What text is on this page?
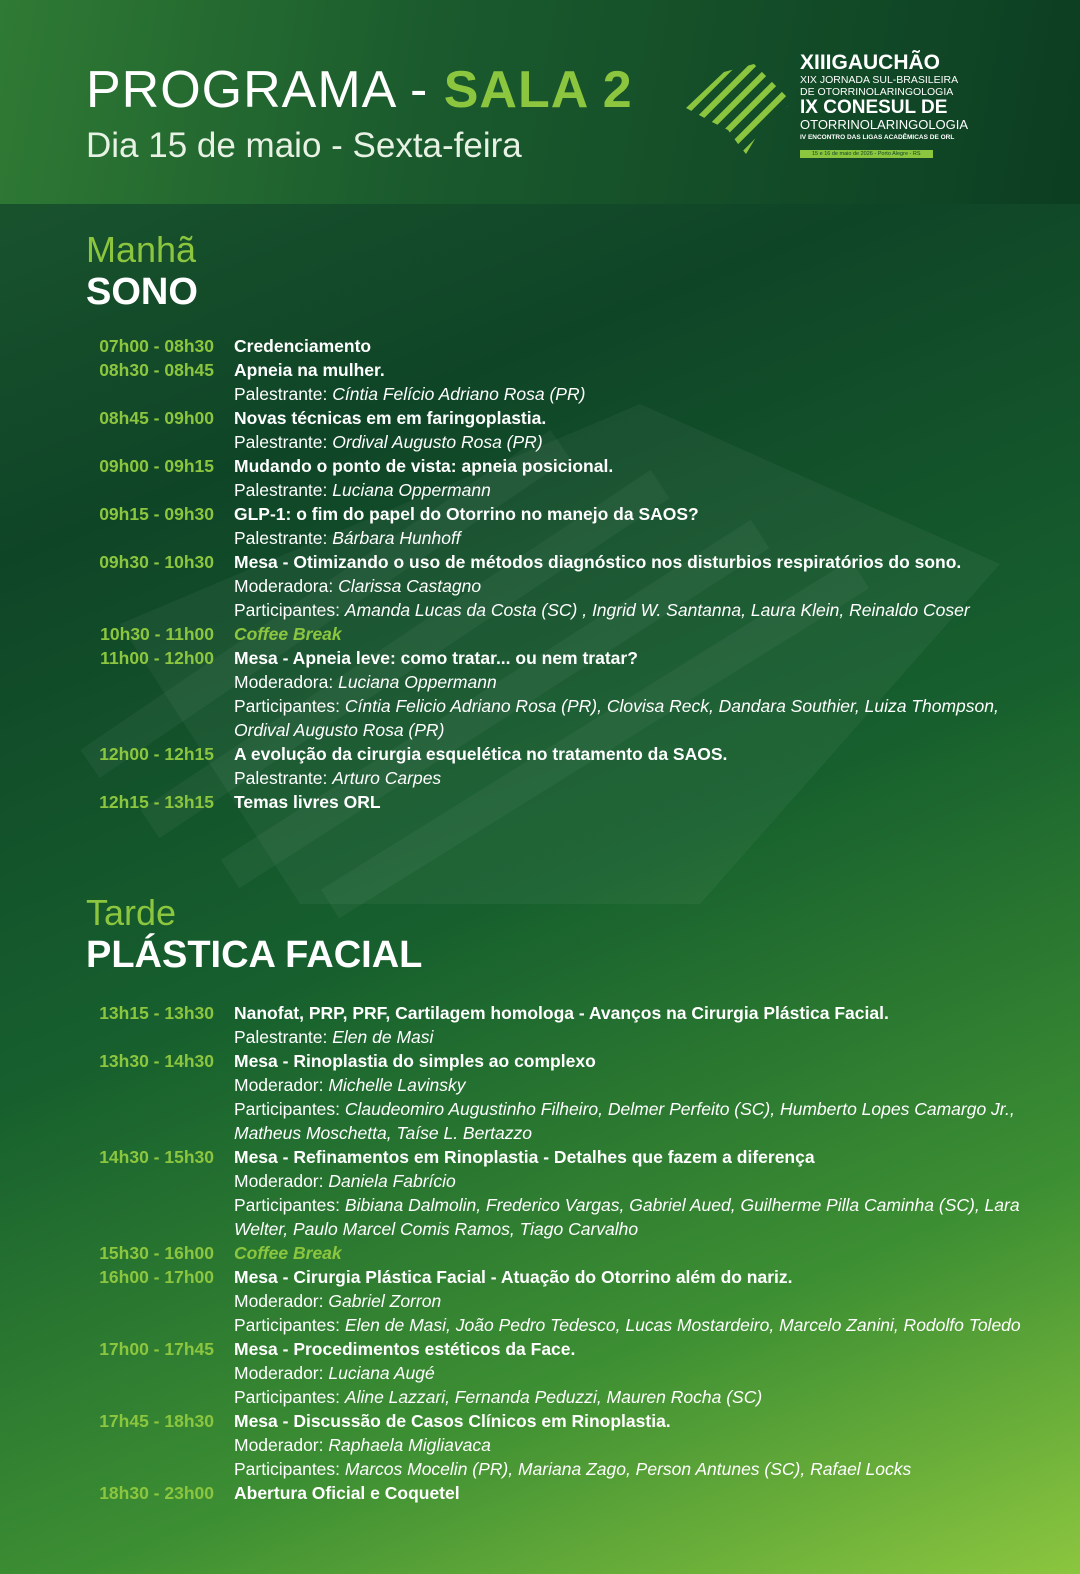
PROGRAMA - SALA 2
Dia 15 de maio - Sexta-feira
XIIIGAUCHÃO
XIX JORNADA SUL-BRASILEIRA
DE OTORRINOLARINGOLOGIA
IX CONESUL DE
OTORRINOLARINGOLOGIA
IV ENCONTRO DAS LIGAS ACADÊMICAS DE ORL
15 e 16 de maio de 2026 - Porto Alegre - RS
Manhã
SONO
07h00 - 08h30 Credenciamento
08h30 - 08h45 Apneia na mulher.
Palestrante: Cíntia Felício Adriano Rosa (PR)
08h45 - 09h00 Novas técnicas em em faringoplastia.
Palestrante: Ordival Augusto Rosa (PR)
09h00 - 09h15 Mudando o ponto de vista: apneia posicional.
Palestrante: Luciana Oppermann
09h15 - 09h30 GLP-1: o fim do papel do Otorrino no manejo da SAOS?
Palestrante: Bárbara Hunhoff
09h30 - 10h30 Mesa - Otimizando o uso de métodos diagnóstico nos disturbios respiratórios do sono.
Moderadora: Clarissa Castagno
Participantes: Amanda Lucas da Costa (SC) , Ingrid W. Santanna, Laura Klein, Reinaldo Coser
10h30 - 11h00 Coffee Break
11h00 - 12h00 Mesa - Apneia leve: como tratar... ou nem tratar?
Moderadora: Luciana Oppermann
Participantes: Cíntia Felicio Adriano Rosa (PR), Clovisa Reck, Dandara Southier, Luiza Thompson, Ordival Augusto Rosa (PR)
12h00 - 12h15 A evolução da cirurgia esquelética no tratamento da SAOS.
Palestrante: Arturo Carpes
12h15 - 13h15 Temas livres ORL
Tarde
PLÁSTICA FACIAL
13h15 - 13h30 Nanofat, PRP, PRF, Cartilagem homologa - Avanços na Cirurgia Plástica Facial.
Palestrante: Elen de Masi
13h30 - 14h30 Mesa - Rinoplastia do simples ao complexo
Moderador: Michelle Lavinsky
Participantes: Claudeomiro Augustinho Filheiro, Delmer Perfeito (SC), Humberto Lopes Camargo Jr., Matheus Moschetta, Taíse L. Bertazzo
14h30 - 15h30 Mesa - Refinamentos em Rinoplastia - Detalhes que fazem a diferença
Moderador: Daniela Fabrício
Participantes: Bibiana Dalmolin, Frederico Vargas, Gabriel Aued, Guilherme Pilla Caminha (SC), Lara Welter, Paulo Marcel Comis Ramos, Tiago Carvalho
15h30 - 16h00 Coffee Break
16h00 - 17h00 Mesa - Cirurgia Plástica Facial - Atuação do Otorrino além do nariz.
Moderador: Gabriel Zorron
Participantes: Elen de Masi, João Pedro Tedesco, Lucas Mostardeiro, Marcelo Zanini, Rodolfo Toledo
17h00 - 17h45 Mesa - Procedimentos estéticos da Face.
Moderador: Luciana Augé
Participantes: Aline Lazzari, Fernanda Peduzzi, Mauren Rocha (SC)
17h45 - 18h30 Mesa - Discussão de Casos Clínicos em Rinoplastia.
Moderador: Raphaela Migliavaca
Participantes: Marcos Mocelin (PR), Mariana Zago, Person Antunes (SC), Rafael Locks
18h30 - 23h00 Abertura Oficial e Coquetel
